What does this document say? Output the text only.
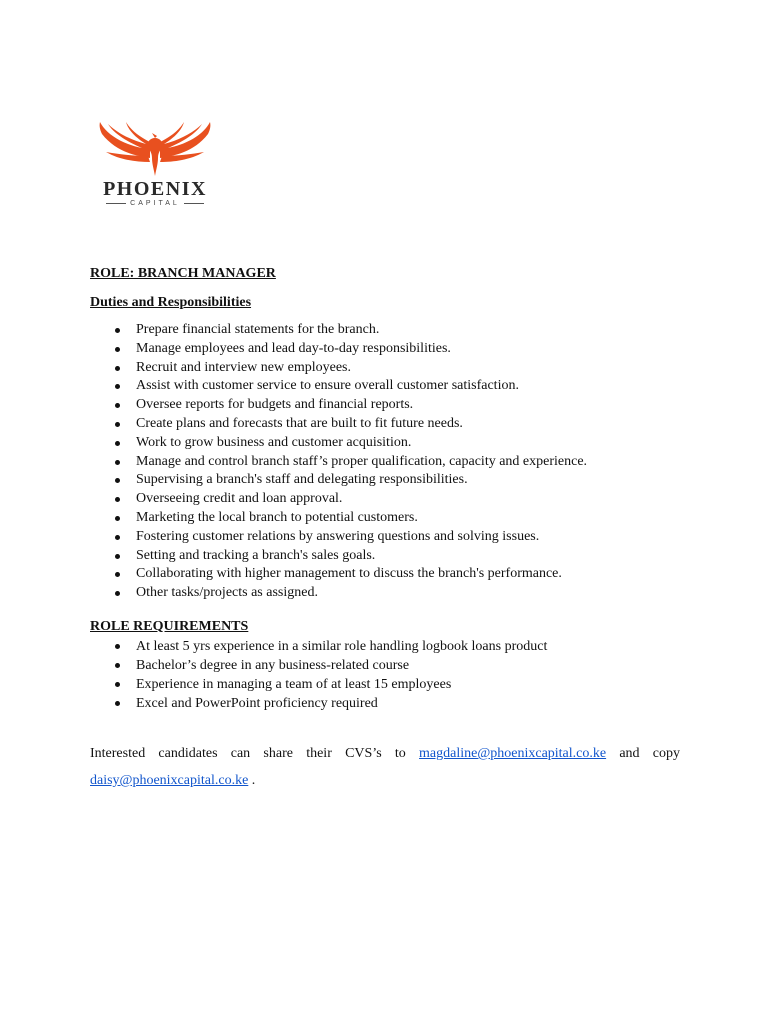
PHOENIX
CAPITAL

ROLE: BRANCH MANAGER

Duties and Responsibilities

Prepare financial statements for the branch.
Manage employees and lead day-to-day responsibilities.
Recruit and interview new employees.
Assist with customer service to ensure overall customer satisfaction.
Oversee reports for budgets and financial reports.
Create plans and forecasts that are built to fit future needs.
Work to grow business and customer acquisition.
Manage and control branch staff’s proper qualification, capacity and experience.
Supervising a branch's staff and delegating responsibilities.
Overseeing credit and loan approval.
Marketing the local branch to potential customers.
Fostering customer relations by answering questions and solving issues.
Setting and tracking a branch's sales goals.
Collaborating with higher management to discuss the branch's performance.
Other tasks/projects as assigned.

ROLE REQUIREMENTS

At least 5 yrs experience in a similar role handling logbook loans product
Bachelor’s degree in any business-related course
Experience in managing a team of at least 15 employees
Excel and PowerPoint proficiency required

Interested candidates can share their CVS’s to magdaline@phoenixcapital.co.ke and copy daisy@phoenixcapital.co.ke .
